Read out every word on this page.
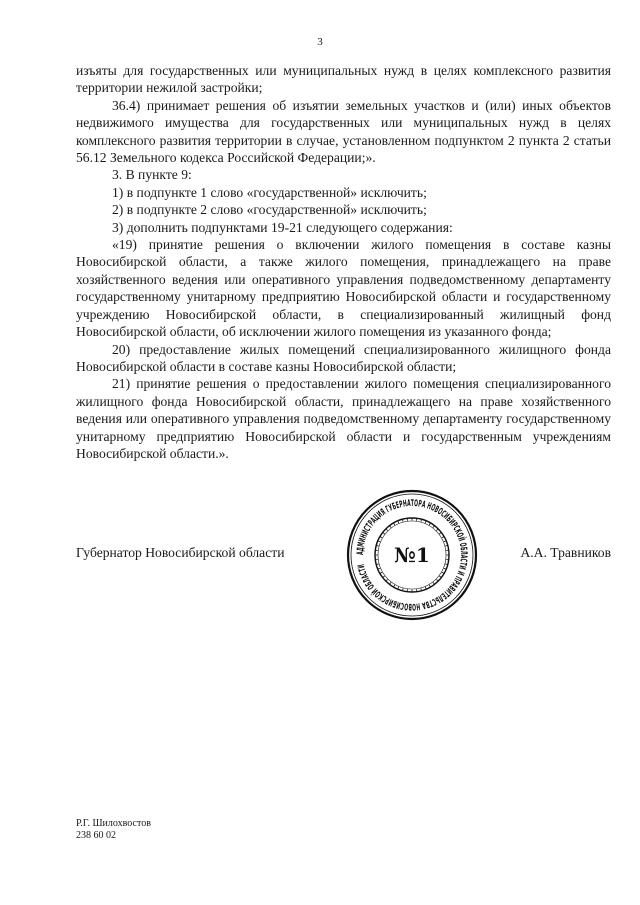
3

изъяты для государственных или муниципальных нужд в целях комплексного развития территории нежилой застройки;

36.4) принимает решения об изъятии земельных участков и (или) иных объектов недвижимого имущества для государственных или муниципальных нужд в целях комплексного развития территории в случае, установленном подпунктом 2 пункта 2 статьи 56.12 Земельного кодекса Российской Федерации;».

3. В пункте 9:

1) в подпункте 1 слово «государственной» исключить;

2) в подпункте 2 слово «государственной» исключить;

3) дополнить подпунктами 19-21 следующего содержания:

«19) принятие решения о включении жилого помещения в составе казны Новосибирской области, а также жилого помещения, принадлежащего на праве хозяйственного ведения или оперативного управления подведомственному департаменту государственному унитарному предприятию Новосибирской области и государственному учреждению Новосибирской области, в специализированный жилищный фонд Новосибирской области, об исключении жилого помещения из указанного фонда;

20) предоставление жилых помещений специализированного жилищного фонда Новосибирской области в составе казны Новосибирской области;

21) принятие решения о предоставлении жилого помещения специализированного жилищного фонда Новосибирской области, принадлежащего на праве хозяйственного ведения или оперативного управления подведомственному департаменту государственному унитарному предприятию Новосибирской области и государственным учреждениям Новосибирской области.».

Губернатор Новосибирской области	А.А. Травников
АДМИНИСТРАЦИЯ ГУБЕРНАТОРА НОВОСИБИРСКОЙ ОБЛАСТИ И ПРАВИТЕЛЬСТВА НОВОСИБИРСКОЙ ОБЛАСТИ	№1
Р.Г. Шилохвостов
238 60 02
